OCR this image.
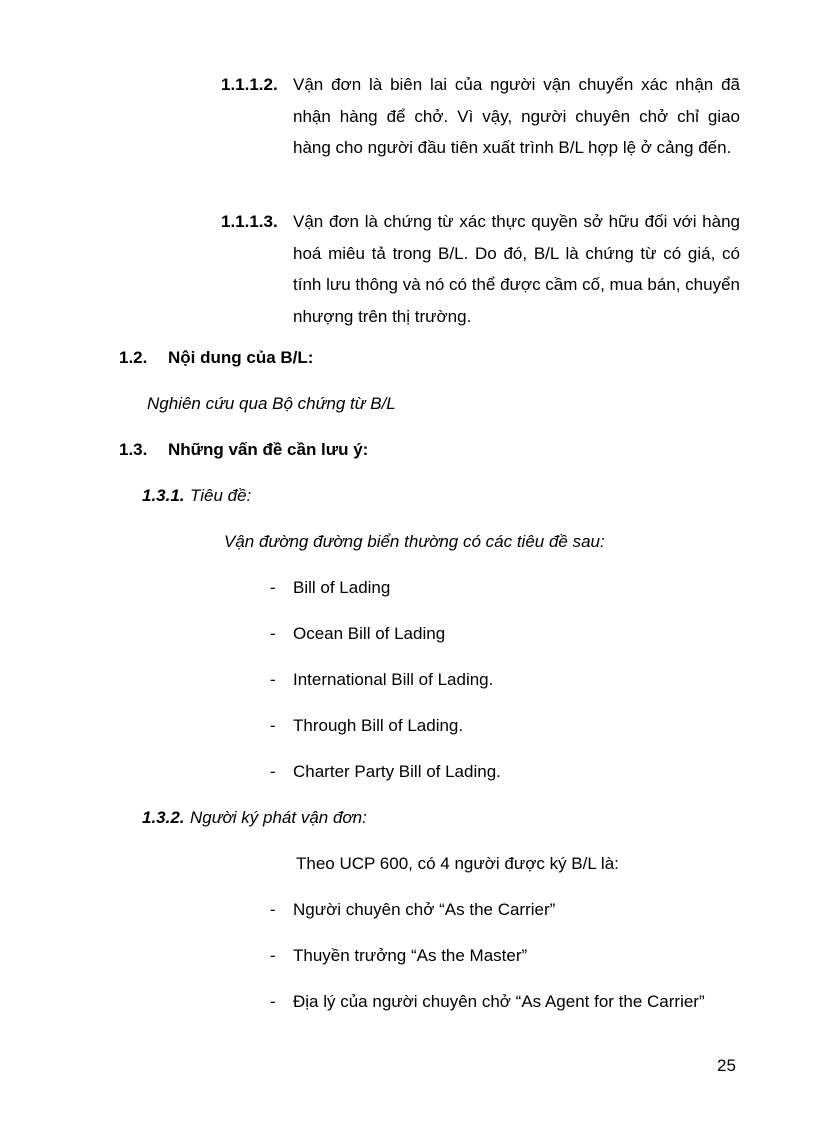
1.1.1.2. Vận đơn là biên lai của người vận chuyển xác nhận đã nhận hàng để chở. Vì vậy, người chuyên chở chỉ giao hàng cho người đầu tiên xuất trình B/L hợp lệ ở cảng đến.
1.1.1.3. Vận đơn là chứng từ xác thực quyền sở hữu đối với hàng hoá miêu tả trong B/L. Do đó, B/L là chứng từ có giá, có tính lưu thông và nó có thể được cầm cố, mua bán, chuyển nhượng trên thị trường.
1.2. Nội dung của B/L:
Nghiên cứu qua Bộ chứng từ B/L
1.3. Những vấn đề cần lưu ý:
1.3.1. Tiêu đề:
Vận đường đường biển thường có các tiêu đề sau:
- Bill of Lading
- Ocean Bill of Lading
- International Bill of Lading.
- Through Bill of Lading.
- Charter Party Bill of Lading.
1.3.2. Người ký phát vận đơn:
Theo UCP 600, có 4 người được ký B/L là:
- Người chuyên chở “As the Carrier”
- Thuyền trưởng “As the Master”
- Địa lý của người chuyên chở “As Agent for the Carrier”
25
